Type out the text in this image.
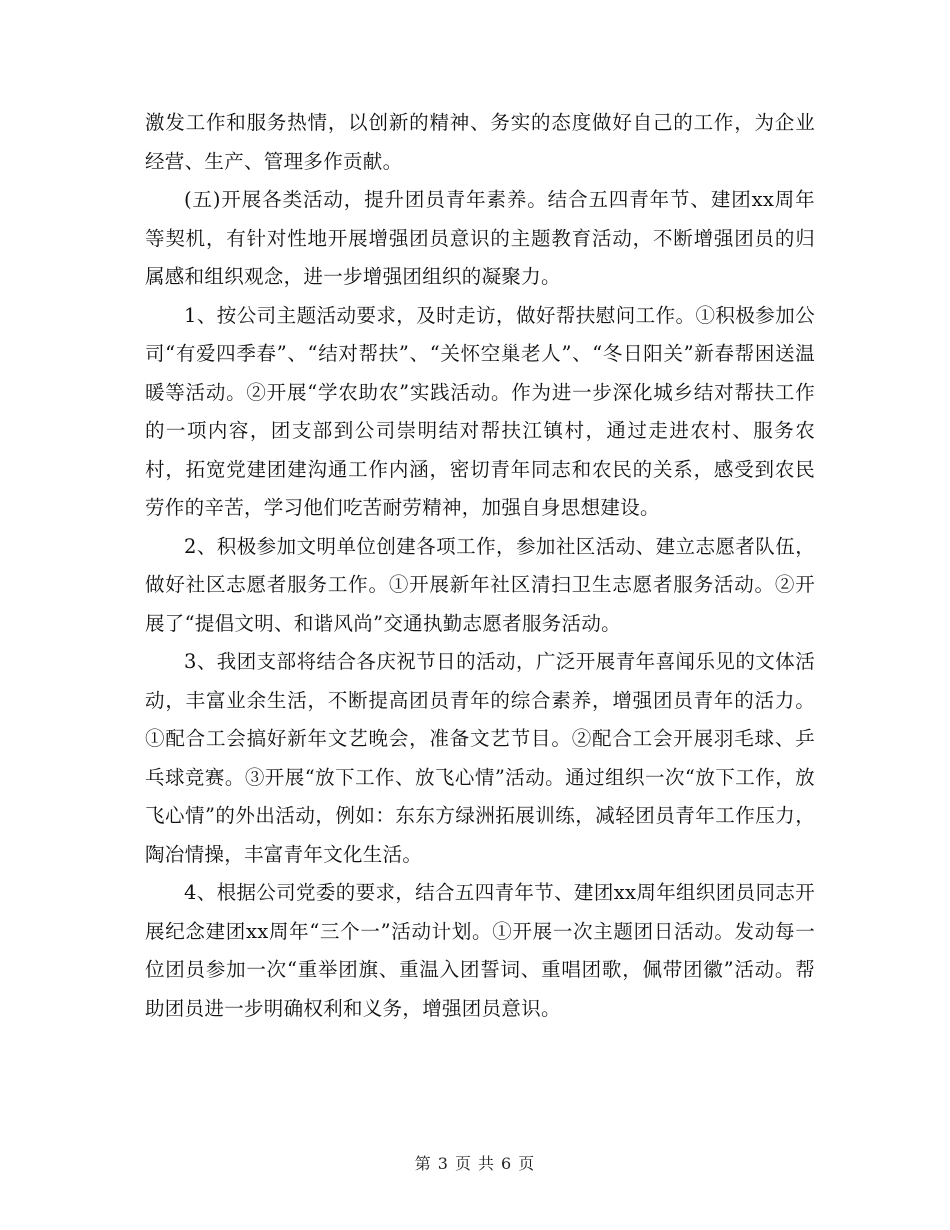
激发工作和服务热情，以创新的精神、务实的态度做好自己的工作，为企业经营、生产、管理多作贡献。

(五)开展各类活动，提升团员青年素养。结合五四青年节、建团xx周年等契机，有针对性地开展增强团员意识的主题教育活动，不断增强团员的归属感和组织观念，进一步增强团组织的凝聚力。

1、按公司主题活动要求，及时走访，做好帮扶慰问工作。①积极参加公司“有爱四季春”、“结对帮扶”、“关怀空巢老人”、“冬日阳关”新春帮困送温暖等活动。②开展“学农助农”实践活动。作为进一步深化城乡结对帮扶工作的一项内容，团支部到公司崇明结对帮扶江镇村，通过走进农村、服务农村，拓宽党建团建沟通工作内涵，密切青年同志和农民的关系，感受到农民劳作的辛苦，学习他们吃苦耐劳精神，加强自身思想建设。

2、积极参加文明单位创建各项工作，参加社区活动、建立志愿者队伍，做好社区志愿者服务工作。①开展新年社区清扫卫生志愿者服务活动。②开展了“提倡文明、和谐风尚”交通执勤志愿者服务活动。

3、我团支部将结合各庆祝节日的活动，广泛开展青年喜闻乐见的文体活动，丰富业余生活，不断提高团员青年的综合素养，增强团员青年的活力。①配合工会搞好新年文艺晚会，准备文艺节目。②配合工会开展羽毛球、乒乓球竞赛。③开展“放下工作、放飞心情”活动。通过组织一次“放下工作，放飞心情”的外出活动，例如：东东方绿洲拓展训练，减轻团员青年工作压力，陶冶情操，丰富青年文化生活。

4、根据公司党委的要求，结合五四青年节、建团xx周年组织团员同志开展纪念建团xx周年“三个一”活动计划。①开展一次主题团日活动。发动每一位团员参加一次“重举团旗、重温入团誓词、重唱团歌，佩带团徽”活动。帮助团员进一步明确权利和义务，增强团员意识。

第 3 页 共 6 页
